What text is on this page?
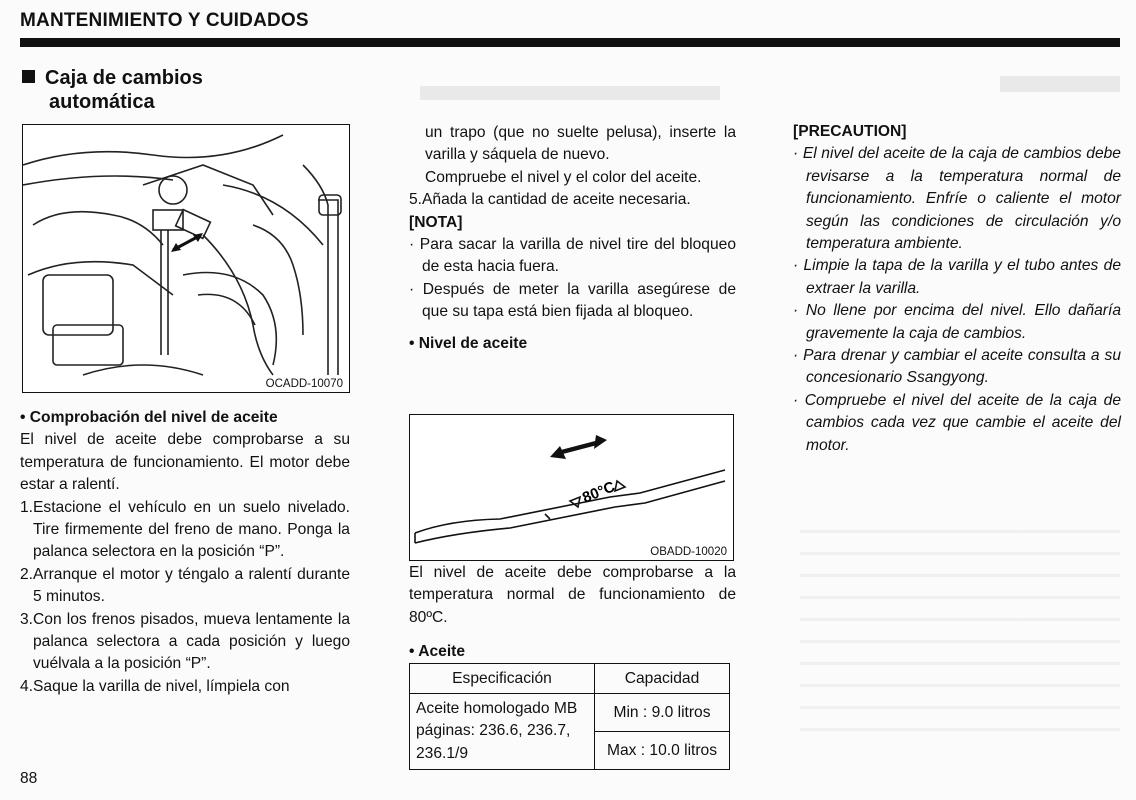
MANTENIMIENTO Y CUIDADOS
Caja de cambios
automática
OCADD-10070

• Comprobación del nivel de aceite

El nivel de aceite debe comprobarse a su temperatura de funcionamiento. El motor debe estar a ralentí.

1.Estacione el vehículo en un suelo nivelado. Tire firmemente del freno de mano. Ponga la palanca selectora en la posición “P”.

2.Arranque el motor y téngalo a ralentí durante 5 minutos.

3.Con los frenos pisados, mueva lentamente la palanca selectora a cada posición y luego vuélvala a la posición “P”.

4.Saque la varilla de nivel, límpiela con

un trapo (que no suelte pelusa), inserte la varilla y sáquela de nuevo.

Compruebe el nivel y el color del aceite.

5.Añada la cantidad de aceite necesaria.

[NOTA]

· Para sacar la varilla de nivel tire del bloqueo de esta hacia fuera.

· Después de meter la varilla asegúrese de que su tapa está bien fijada al bloqueo.

• Nivel de aceite

80°C
OBADD-10020

El nivel de aceite debe comprobarse a la temperatura normal de funcionamiento de 80ºC.

• Aceite

Especificación	Capacidad
Aceite homologado MB páginas: 236.6, 236.7, 236.1/9	Min : 9.0 litros
	Max : 10.0 litros

[PRECAUTION]

· El nivel del aceite de la caja de cambios debe revisarse a la temperatura normal de funcionamiento. Enfríe o caliente el motor según las condiciones de circulación y/o temperatura ambiente.

· Limpie la tapa de la varilla y el tubo antes de extraer la varilla.

· No llene por encima del nivel. Ello dañaría gravemente la caja de cambios.

· Para drenar y cambiar el aceite consulta a su concesionario Ssangyong.

· Compruebe el nivel del aceite de la caja de cambios cada vez que cambie el aceite del motor.

88
